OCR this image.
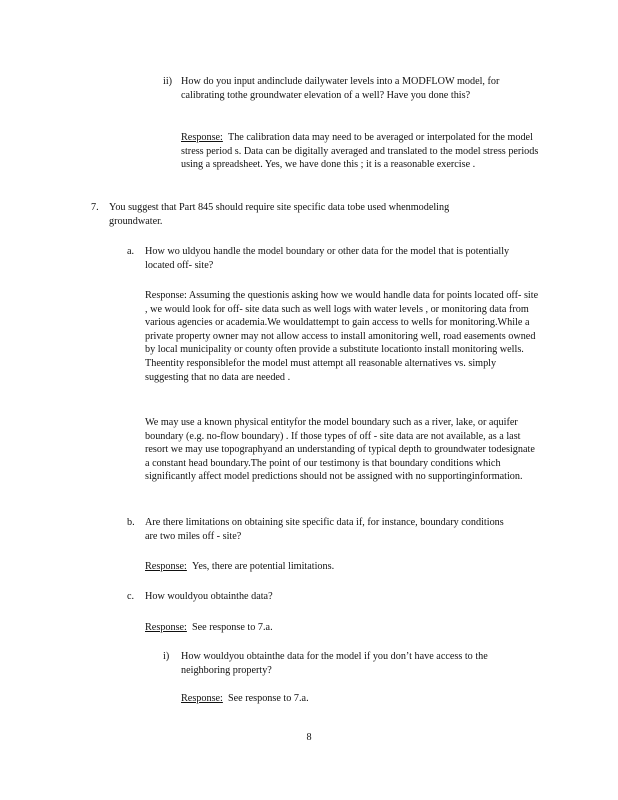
ii) How do you input andinclude dailywater levels into a MODFLOW model, for calibrating tothe groundwater elevation of a well? Have you done this?

Response: The calibration data may need to be averaged or interpolated for the model stress period s. Data can be digitally averaged and translated to the model stress periods using a spreadsheet. Yes, we have done this ; it is a reasonable exercise .

7. You suggest that Part 845 should require site specific data tobe used whenmodeling groundwater.
a. How wo uldyou handle the model boundary or other data for the model that is potentially located off- site?
Response: Assuming the questionis asking how we would handle data for points located off- site , we would look for off- site data such as well logs with water levels , or monitoring data from various agencies or academia.We wouldattempt to gain access to wells for monitoring.While a private property owner may not allow access to install amonitoring well, road easements owned by local municipality or county often provide a substitute locationto install monitoring wells. Theentity responsiblefor the model must attempt all reasonable alternatives vs. simply suggesting that no data are needed .
We may use a known physical entityfor the model boundary such as a river, lake, or aquifer boundary (e.g. no-flow boundary) . If those types of off - site data are not available, as a last resort we may use topographyand an understanding of typical depth to groundwater todesignate a constant head boundary.The point of our testimony is that boundary conditions which significantly affect model predictions should not be assigned with no supportinginformation.
b. Are there limitations on obtaining site specific data if, for instance, boundary conditions are two miles off - site?

Response: Yes, there are potential limitations.

c. How wouldyou obtainthe data?

Response: See response to 7.a.

i) How wouldyou obtainthe data for the model if you don’t have access to the neighboring property?

Response: See response to 7.a.

8
